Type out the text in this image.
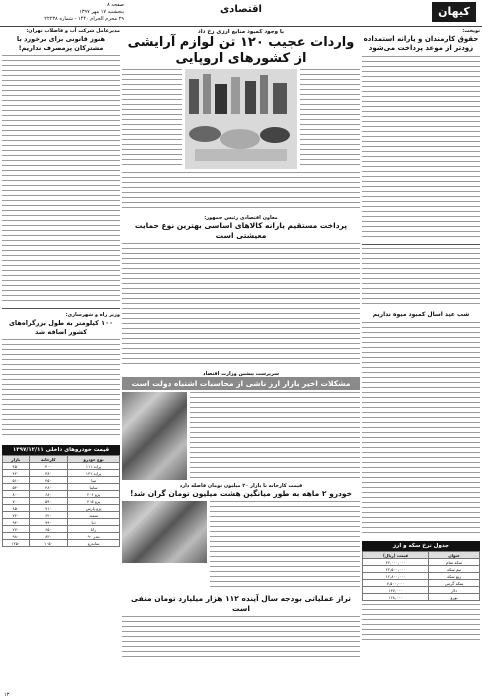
کیهان
اقتصادی
صفحه ۸
پنجشنبه ۱۷ مهر ۱۳۹۷
۲۹ محرم الحرام ۱۴۴۰ - شماره ۲۲۲۳۸
نوبخت:
حقوق کارمندان و یارانه استمداده زودتر از موعد پرداخت می‌شود
شب عید اسال کمبود میوه نداریم
جدول نرخ سکه و ارز
عنوان	قیمت (ریال)
سکه تمام	۴۲,۰۰۰,۰۰۰
نیم سکه	۲۲,۵۰۰,۰۰۰
ربع سکه	۱۲,۸۰۰,۰۰۰
سکه گرمی	۷,۵۰۰,۰۰۰
دلار	۱۴۷,۰۰۰
یورو	۱۶۸,۰۰۰
مدیرعامل شرکت آب و فاضلاب تهران:
هنوز قانونی برای برخورد با مشترکان پرمصرف نداریم!
وزیر راه و شهرسازی:
۱۰۰ کیلومتر به طول بزرگراه‌های کشور اضافه شد
قیمت خودروهای داخلی ۱۳۹۷/۱۲/۱۱
نوع خودرو	کارخانه	بازار
پراید ۱۱۱	۴۰۰	۴۵۰
پراید ۱۳۱	۳۸۰	۴۲۰
تیبا	۴۵۰	۵۱۰
ساینا	۴۸۰	۵۴۰
پژو ۲۰۶	۶۸۰	۸۰۰
پژو ۴۰۵	۵۹۰	۷۰۰
پژو پارس	۷۱۰	۸۵۰
سمند	۶۲۰	۷۴۰
دنا	۷۹۰	۹۴۰
رانا	۶۵۰	۷۷۰
تندر ۹۰	۸۲۰	۹۸۰
ساندرو	۱۰۵۰	۱۲۵۰
با وجود کمبود منابع ارزی رخ داد
واردات عجیب ۱۲۰ تن لوازم آرایشی
از کشورهای اروپایی
معاون اقتصادی رئیس جمهور:
پرداخت مستقیم یارانه کالاهای اساسی بهترین نوع حمایت معیشتی است
سرپرست پیشین وزارت اقتصاد
مشکلات اخیر بازار ارز ناشی از محاسبات اشتباه دولت است
قیمت کارخانه تا بازار ۲۰ میلیون تومان فاصله دارد
خودرو ۲ ماهه به طور میانگین هشت میلیون تومان گران شد!
تراز عملیاتی بودجه سال آینده ۱۱۲ هزار میلیارد تومان منفی است
۱۳
